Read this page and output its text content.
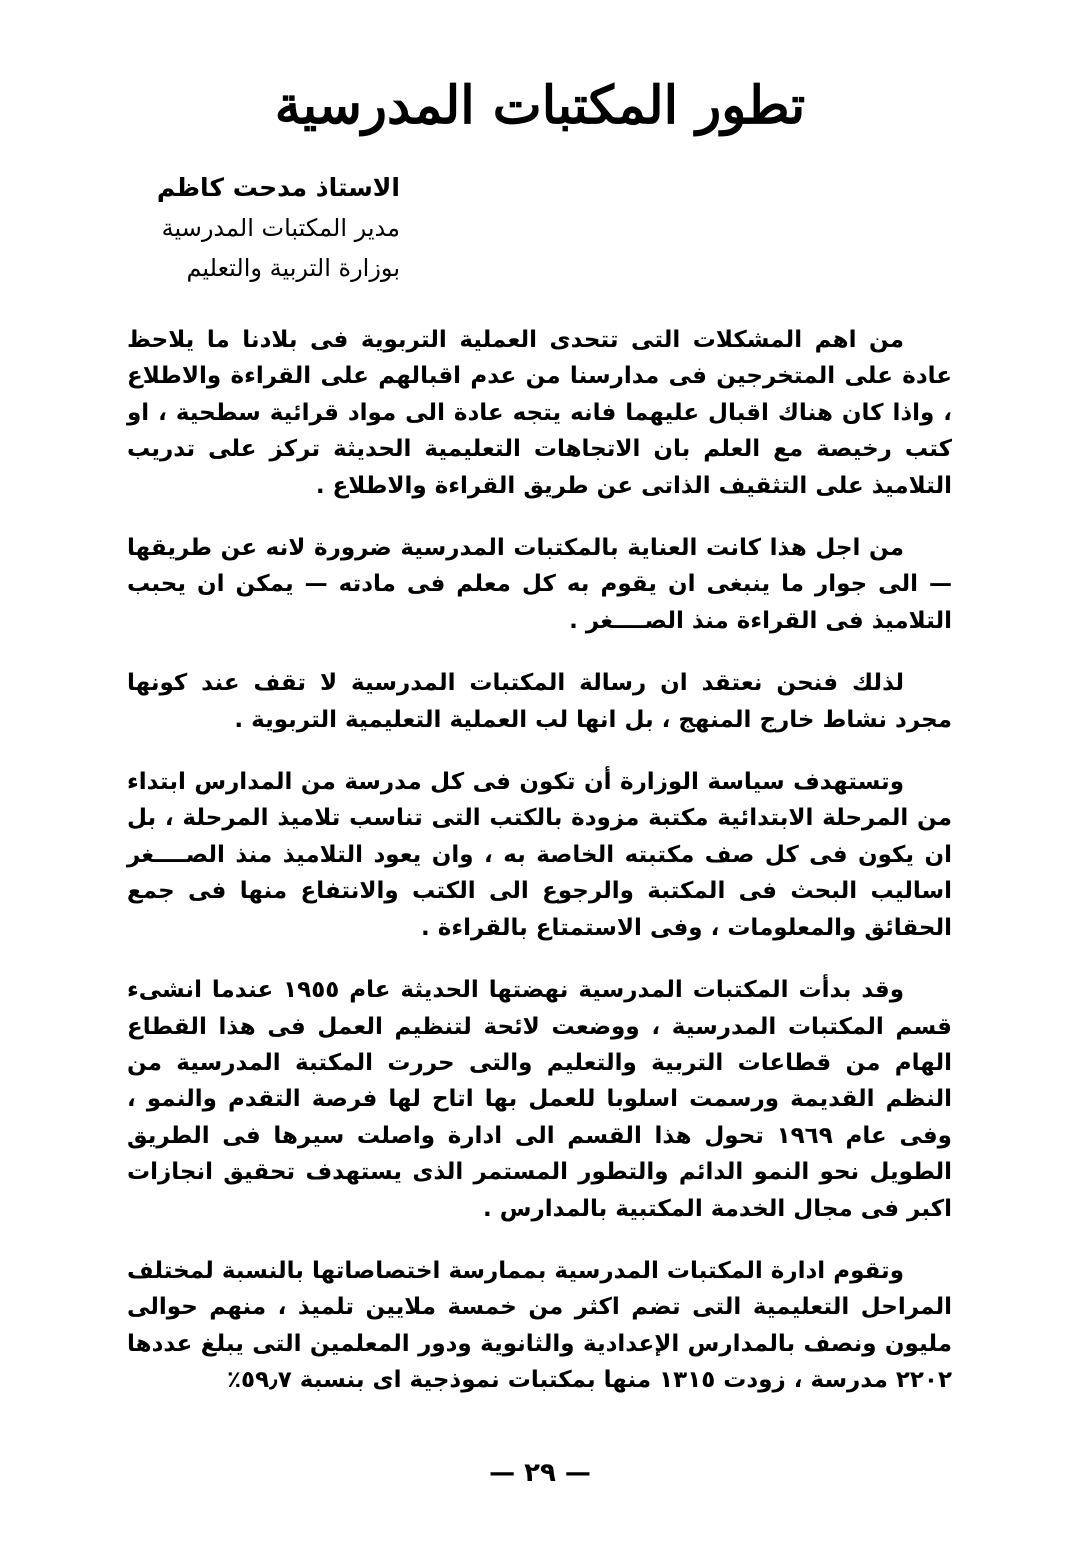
تطور المكتبات المدرسية
الاستاذ مدحت كاظم
مدير المكتبات المدرسية
بوزارة التربية والتعليم

من اهم المشكلات التى تتحدى العملية التربوية فى بلادنا ما يلاحظ عادة على المتخرجين فى مدارسنا من عدم اقبالهم على القراءة والاطلاع ، واذا كان هناك اقبال عليهما فانه يتجه عادة الى مواد قرائية سطحية ، او كتب رخيصة مع العلم بان الاتجاهات التعليمية الحديثة تركز على تدريب التلاميذ على التثقيف الذاتى عن طريق القراءة والاطلاع .

من اجل هذا كانت العناية بالمكتبات المدرسية ضرورة لانه عن طريقها — الى جوار ما ينبغى ان يقوم به كل معلم فى مادته — يمكن ان يحبب التلاميذ فى القراءة منذ الصــــغر .

لذلك فنحن نعتقد ان رسالة المكتبات المدرسية لا تقف عند كونها مجرد نشاط خارج المنهج ، بل انها لب العملية التعليمية التربوية .

وتستهدف سياسة الوزارة أن تكون فى كل مدرسة من المدارس ابتداء من المرحلة الابتدائية مكتبة مزودة بالكتب التى تناسب تلاميذ المرحلة ، بل ان يكون فى كل صف مكتبته الخاصة به ، وان يعود التلاميذ منذ الصــــغر اساليب البحث فى المكتبة والرجوع الى الكتب والانتفاع منها فى جمع الحقائق والمعلومات ، وفى الاستمتاع بالقراءة .

وقد بدأت المكتبات المدرسية نهضتها الحديثة عام ١٩٥٥ عندما انشىء قسم المكتبات المدرسية ، ووضعت لائحة لتنظيم العمل فى هذا القطاع الهام من قطاعات التربية والتعليم والتى حررت المكتبة المدرسية من النظم القديمة ورسمت اسلوبا للعمل بها اتاح لها فرصة التقدم والنمو ، وفى عام ١٩٦٩ تحول هذا القسم الى ادارة واصلت سيرها فى الطريق الطويل نحو النمو الدائم والتطور المستمر الذى يستهدف تحقيق انجازات اكبر فى مجال الخدمة المكتبية بالمدارس .

وتقوم ادارة المكتبات المدرسية بممارسة اختصاصاتها بالنسبة لمختلف المراحل التعليمية التى تضم اكثر من خمسة ملايين تلميذ ، منهم حوالى مليون ونصف بالمدارس الإعدادية والثانوية ودور المعلمين التى يبلغ عددها ٢٢٠٢ مدرسة ، زودت ١٣١٥ منها بمكتبات نموذجية اى بنسبة ٥٩٫٧٪

— ٢٩ —
